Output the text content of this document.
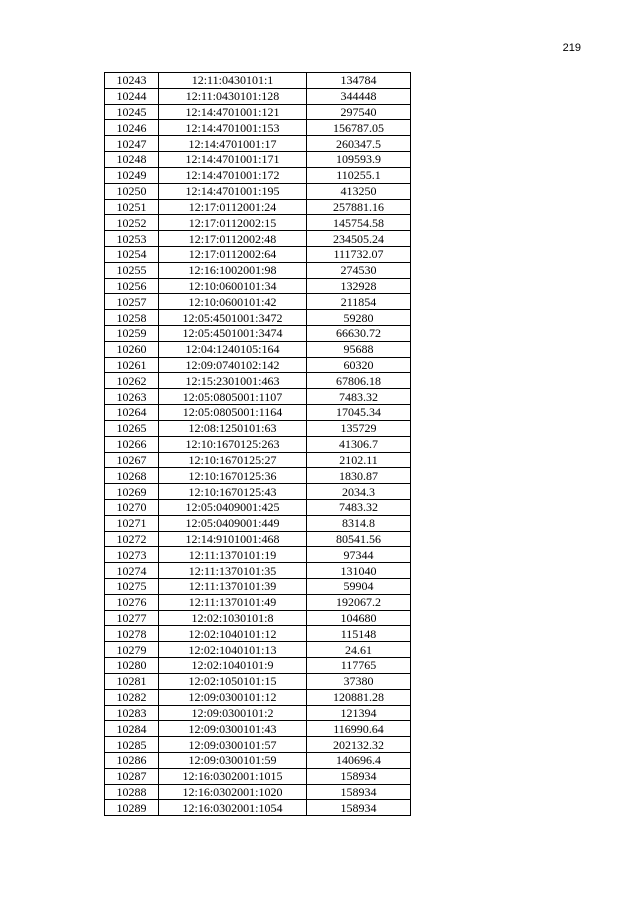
219
10243	12:11:0430101:1	134784
10244	12:11:0430101:128	344448
10245	12:14:4701001:121	297540
10246	12:14:4701001:153	156787.05
10247	12:14:4701001:17	260347.5
10248	12:14:4701001:171	109593.9
10249	12:14:4701001:172	110255.1
10250	12:14:4701001:195	413250
10251	12:17:0112001:24	257881.16
10252	12:17:0112002:15	145754.58
10253	12:17:0112002:48	234505.24
10254	12:17:0112002:64	111732.07
10255	12:16:1002001:98	274530
10256	12:10:0600101:34	132928
10257	12:10:0600101:42	211854
10258	12:05:4501001:3472	59280
10259	12:05:4501001:3474	66630.72
10260	12:04:1240105:164	95688
10261	12:09:0740102:142	60320
10262	12:15:2301001:463	67806.18
10263	12:05:0805001:1107	7483.32
10264	12:05:0805001:1164	17045.34
10265	12:08:1250101:63	135729
10266	12:10:1670125:263	41306.7
10267	12:10:1670125:27	2102.11
10268	12:10:1670125:36	1830.87
10269	12:10:1670125:43	2034.3
10270	12:05:0409001:425	7483.32
10271	12:05:0409001:449	8314.8
10272	12:14:9101001:468	80541.56
10273	12:11:1370101:19	97344
10274	12:11:1370101:35	131040
10275	12:11:1370101:39	59904
10276	12:11:1370101:49	192067.2
10277	12:02:1030101:8	104680
10278	12:02:1040101:12	115148
10279	12:02:1040101:13	24.61
10280	12:02:1040101:9	117765
10281	12:02:1050101:15	37380
10282	12:09:0300101:12	120881.28
10283	12:09:0300101:2	121394
10284	12:09:0300101:43	116990.64
10285	12:09:0300101:57	202132.32
10286	12:09:0300101:59	140696.4
10287	12:16:0302001:1015	158934
10288	12:16:0302001:1020	158934
10289	12:16:0302001:1054	158934
